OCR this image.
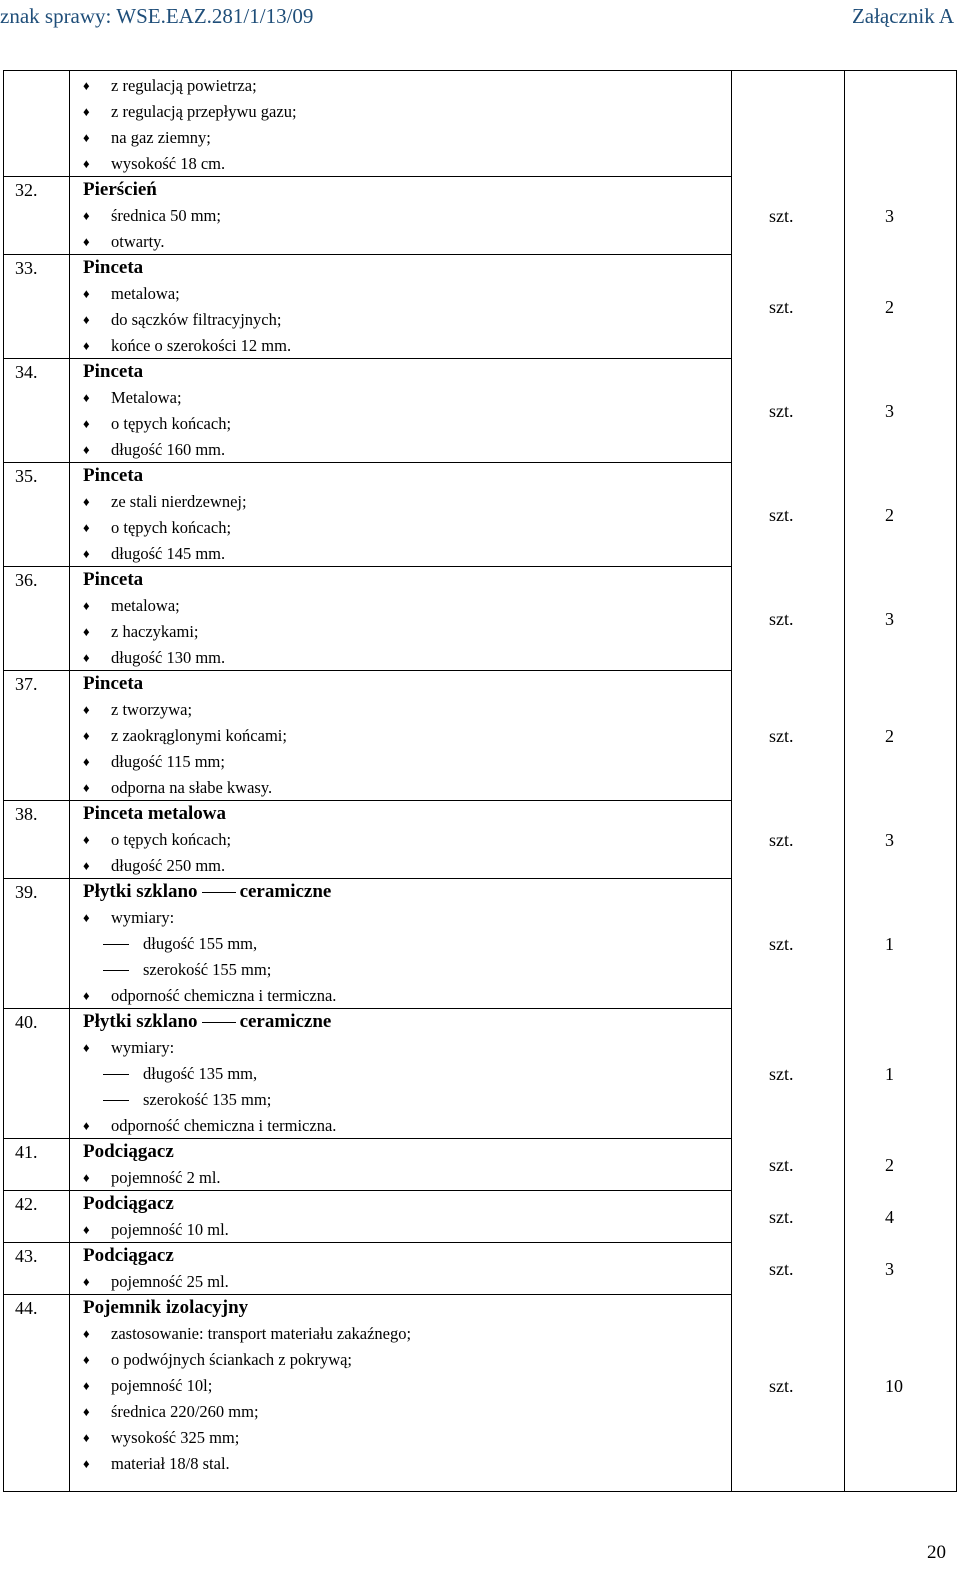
znak sprawy: WSE.EAZ.281/1/13/09	Załącznik A
♦ z regulacją powietrza;
♦ z regulacją przepływu gazu;
♦ na gaz ziemny;
♦ wysokość 18 cm.
32. Pierścień
♦ średnica 50 mm;
♦ otwarty.
szt.	3
33. Pinceta
♦ metalowa;
♦ do sączków filtracyjnych;
♦ końce o szerokości 12 mm.
szt.	2
34. Pinceta
♦ Metalowa;
♦ o tępych końcach;
♦ długość 160 mm.
szt.	3
35. Pinceta
♦ ze stali nierdzewnej;
♦ o tępych końcach;
♦ długość 145 mm.
szt.	2
36. Pinceta
♦ metalowa;
♦ z haczykami;
♦ długość 130 mm.
szt.	3
37. Pinceta
♦ z tworzywa;
♦ z zaokrąglonymi końcami;
♦ długość 115 mm;
♦ odporna na słabe kwasy.
szt.	2
38. Pinceta metalowa
♦ o tępych końcach;
♦ długość 250 mm.
szt.	3
39. Płytki szklano ceramiczne
♦ wymiary:
długość 155 mm,
szerokość 155 mm;
♦ odporność chemiczna i termiczna.
szt.	1
40. Płytki szklano ceramiczne
♦ wymiary:
długość 135 mm,
szerokość 135 mm;
♦ odporność chemiczna i termiczna.
szt.	1
41. Podciągacz
♦ pojemność 2 ml.
szt.	2
42. Podciągacz
♦ pojemność 10 ml.
szt.	4
43. Podciągacz
♦ pojemność 25 ml.
szt.	3
44. Pojemnik izolacyjny
♦ zastosowanie: transport materiału zakaźnego;
♦ o podwójnych ściankach z pokrywą;
♦ pojemność 10l;
♦ średnica 220/260 mm;
♦ wysokość 325 mm;
♦ materiał 18/8 stal.
szt.	10
20
